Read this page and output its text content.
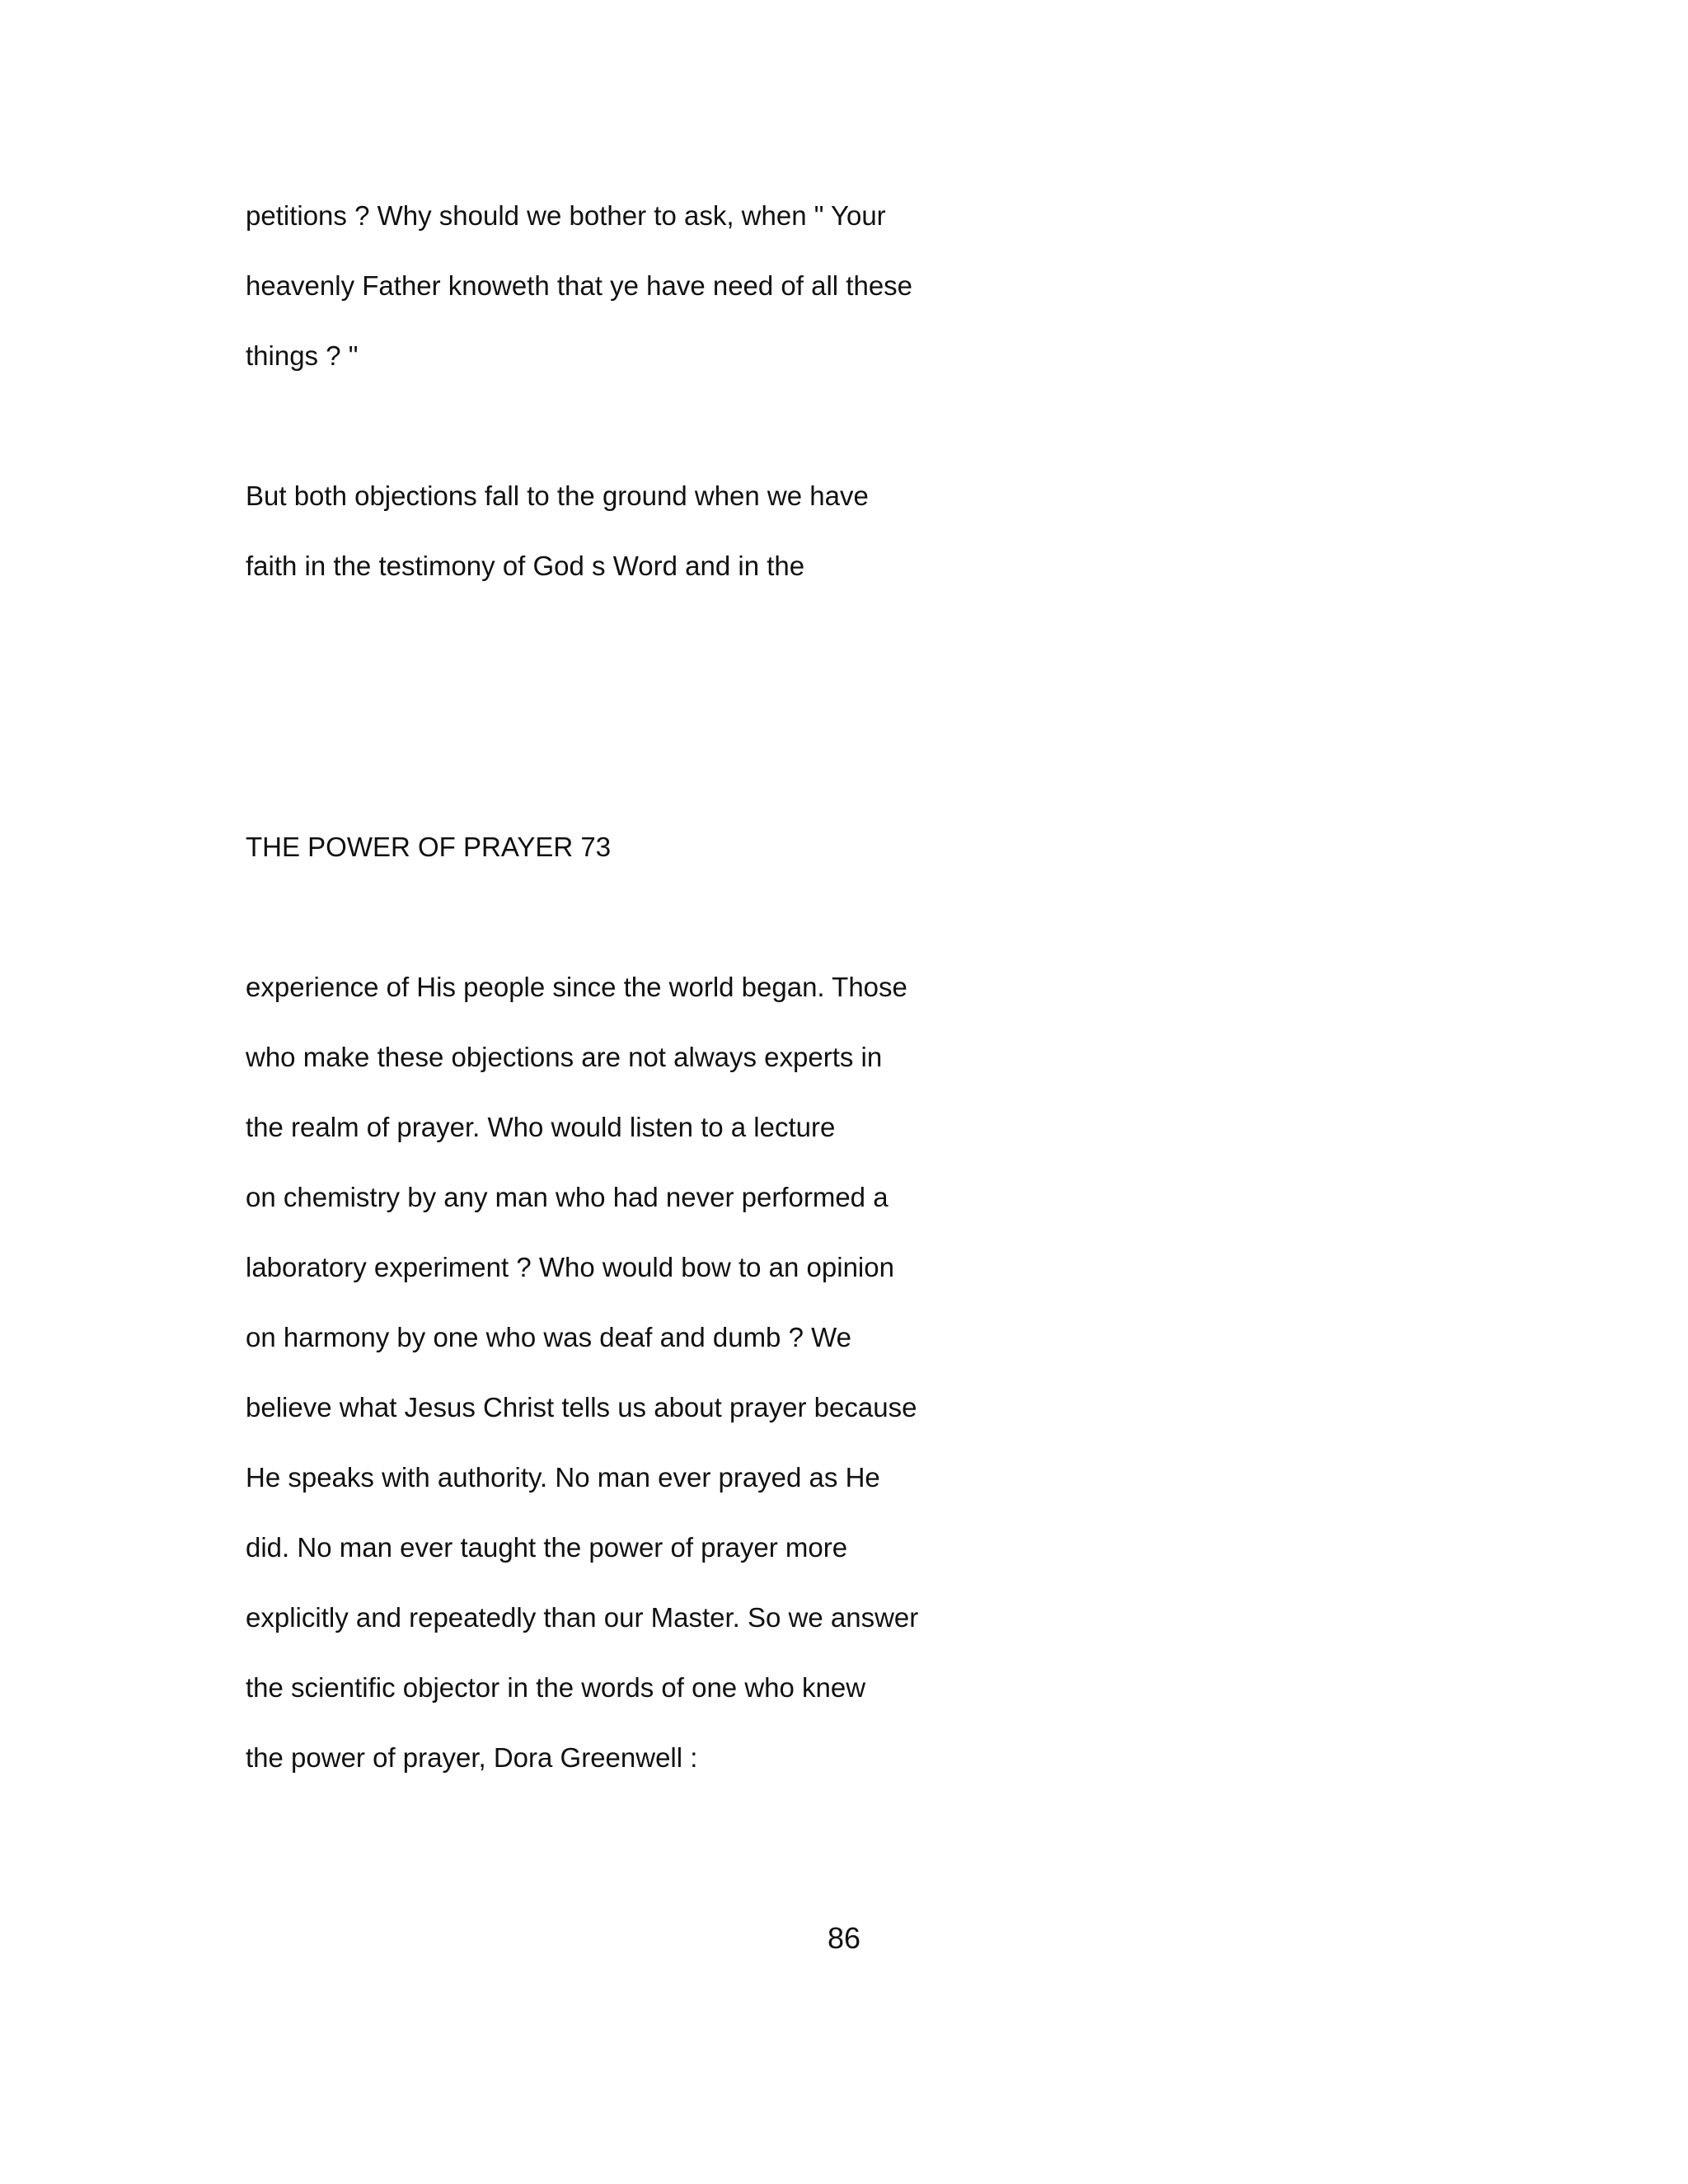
petitions ? Why should we bother to ask, when " Your
heavenly Father knoweth that ye have need of all these
things ? "
But both objections fall to the ground when we have
faith in the testimony of God s Word and in the
THE POWER OF PRAYER 73
experience of His people since the world began. Those
who make these objections are not always experts in
the realm of prayer. Who would listen to a lecture
on chemistry by any man who had never performed a
laboratory experiment ? Who would bow to an opinion
on harmony by one who was deaf and dumb ? We
believe what Jesus Christ tells us about prayer because
He speaks with authority. No man ever prayed as He
did. No man ever taught the power of prayer more
explicitly and repeatedly than our Master. So we answer
the scientific objector in the words of one who knew
the power of prayer, Dora Greenwell :
86
